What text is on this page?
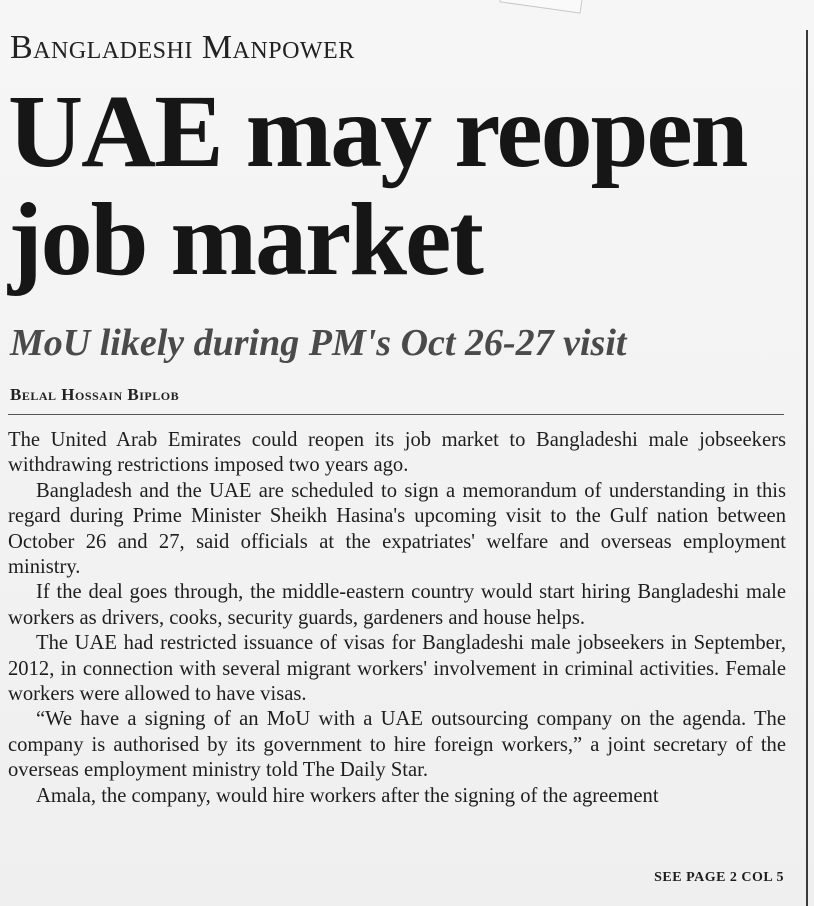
Bangladeshi Manpower
UAE may reopen job market
MoU likely during PM's Oct 26-27 visit
Belal Hossain Biplob

The United Arab Emirates could reopen its job market to Bangladeshi male jobseekers withdrawing restrictions imposed two years ago.

Bangladesh and the UAE are scheduled to sign a memorandum of understanding in this regard during Prime Minister Sheikh Hasina's upcoming visit to the Gulf nation between October 26 and 27, said officials at the expatriates' welfare and overseas employment ministry.

If the deal goes through, the middle-eastern country would start hiring Bangladeshi male workers as drivers, cooks, security guards, gardeners and house helps.

The UAE had restricted issuance of visas for Bangladeshi male jobseekers in September, 2012, in connection with several migrant workers' involvement in criminal activities. Female workers were allowed to have visas.

“We have a signing of an MoU with a UAE outsourcing company on the agenda. The company is authorised by its government to hire foreign workers,” a joint secretary of the overseas employment ministry told The Daily Star.

Amala, the company, would hire workers after the signing of the agreement

SEE PAGE 2 COL 5
